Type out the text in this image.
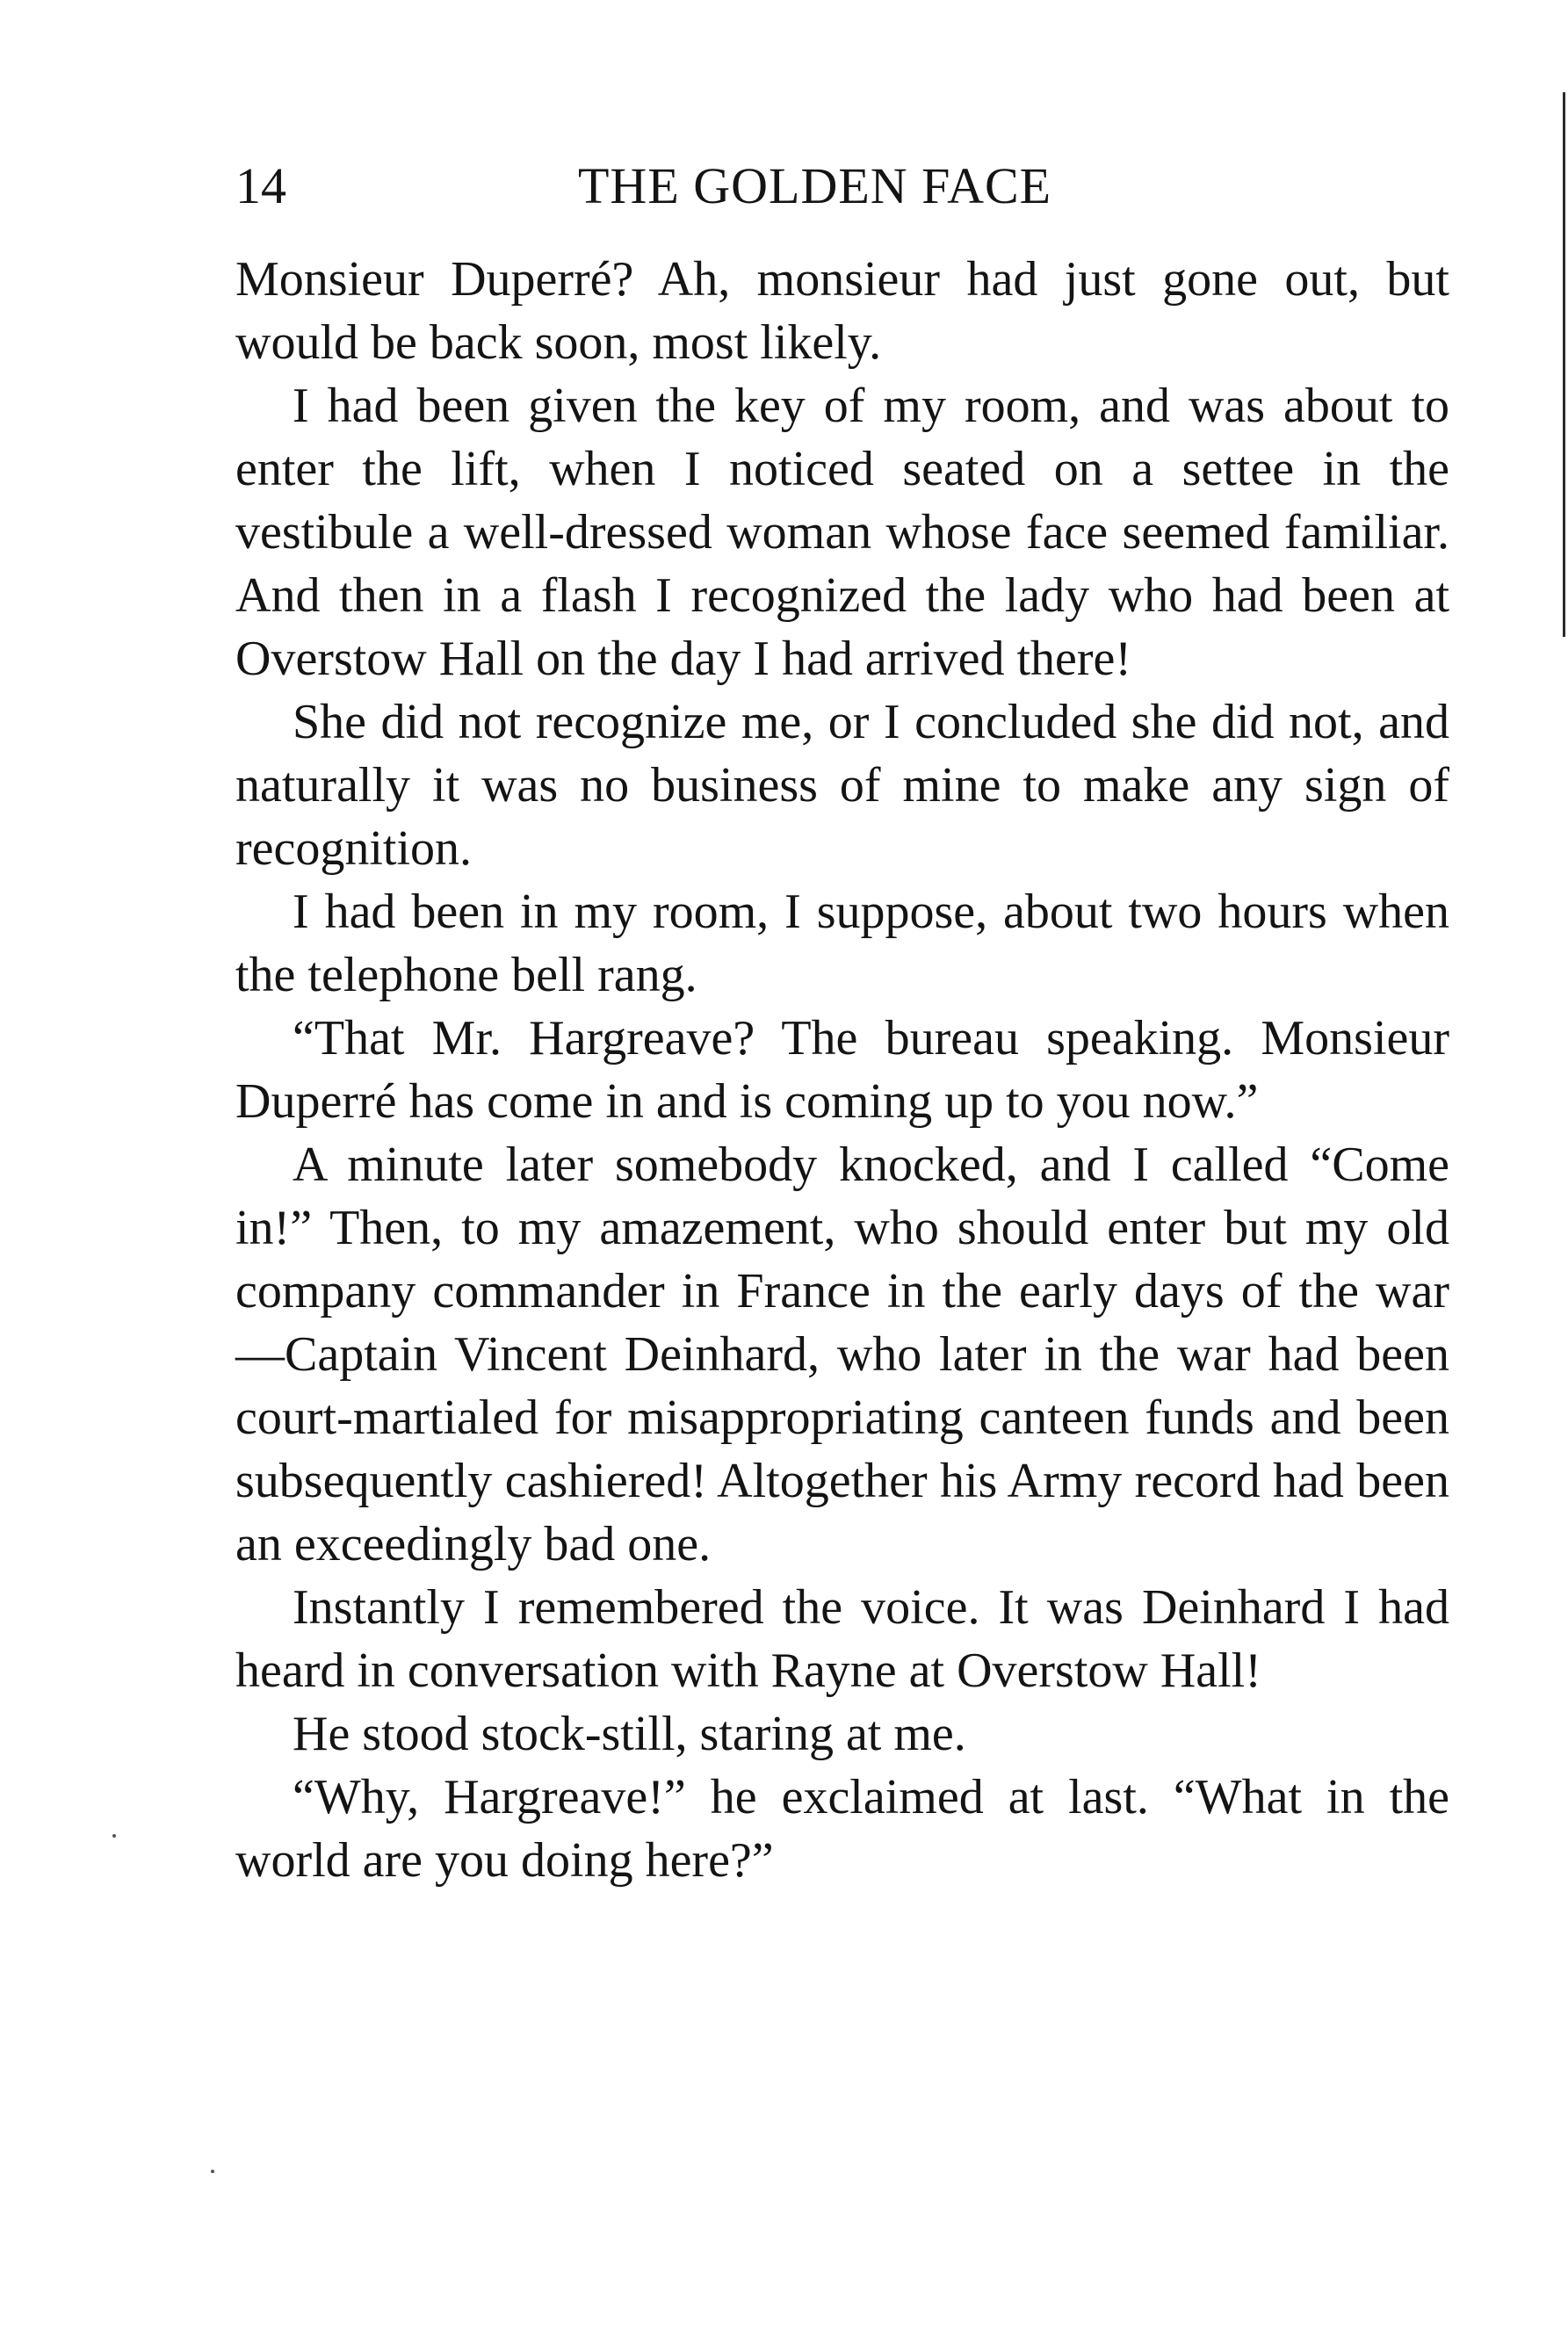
14	THE GOLDEN FACE

Monsieur Duperré? Ah, monsieur had just gone out, but would be back soon, most likely.

I had been given the key of my room, and was about to enter the lift, when I noticed seated on a settee in the vestibule a well-dressed woman whose face seemed familiar. And then in a flash I recognized the lady who had been at Overstow Hall on the day I had arrived there!

She did not recognize me, or I concluded she did not, and naturally it was no business of mine to make any sign of recognition.

I had been in my room, I suppose, about two hours when the telephone bell rang.

“That Mr. Hargreave? The bureau speaking. Monsieur Duperré has come in and is coming up to you now.”

A minute later somebody knocked, and I called “Come in!” Then, to my amazement, who should enter but my old company commander in France in the early days of the war—Captain Vincent Deinhard, who later in the war had been court-martialed for misappropriating canteen funds and been subsequently cashiered! Altogether his Army record had been an exceedingly bad one.

Instantly I remembered the voice. It was Deinhard I had heard in conversation with Rayne at Overstow Hall!

He stood stock-still, staring at me.

“Why, Hargreave!” he exclaimed at last. “What in the world are you doing here?”
